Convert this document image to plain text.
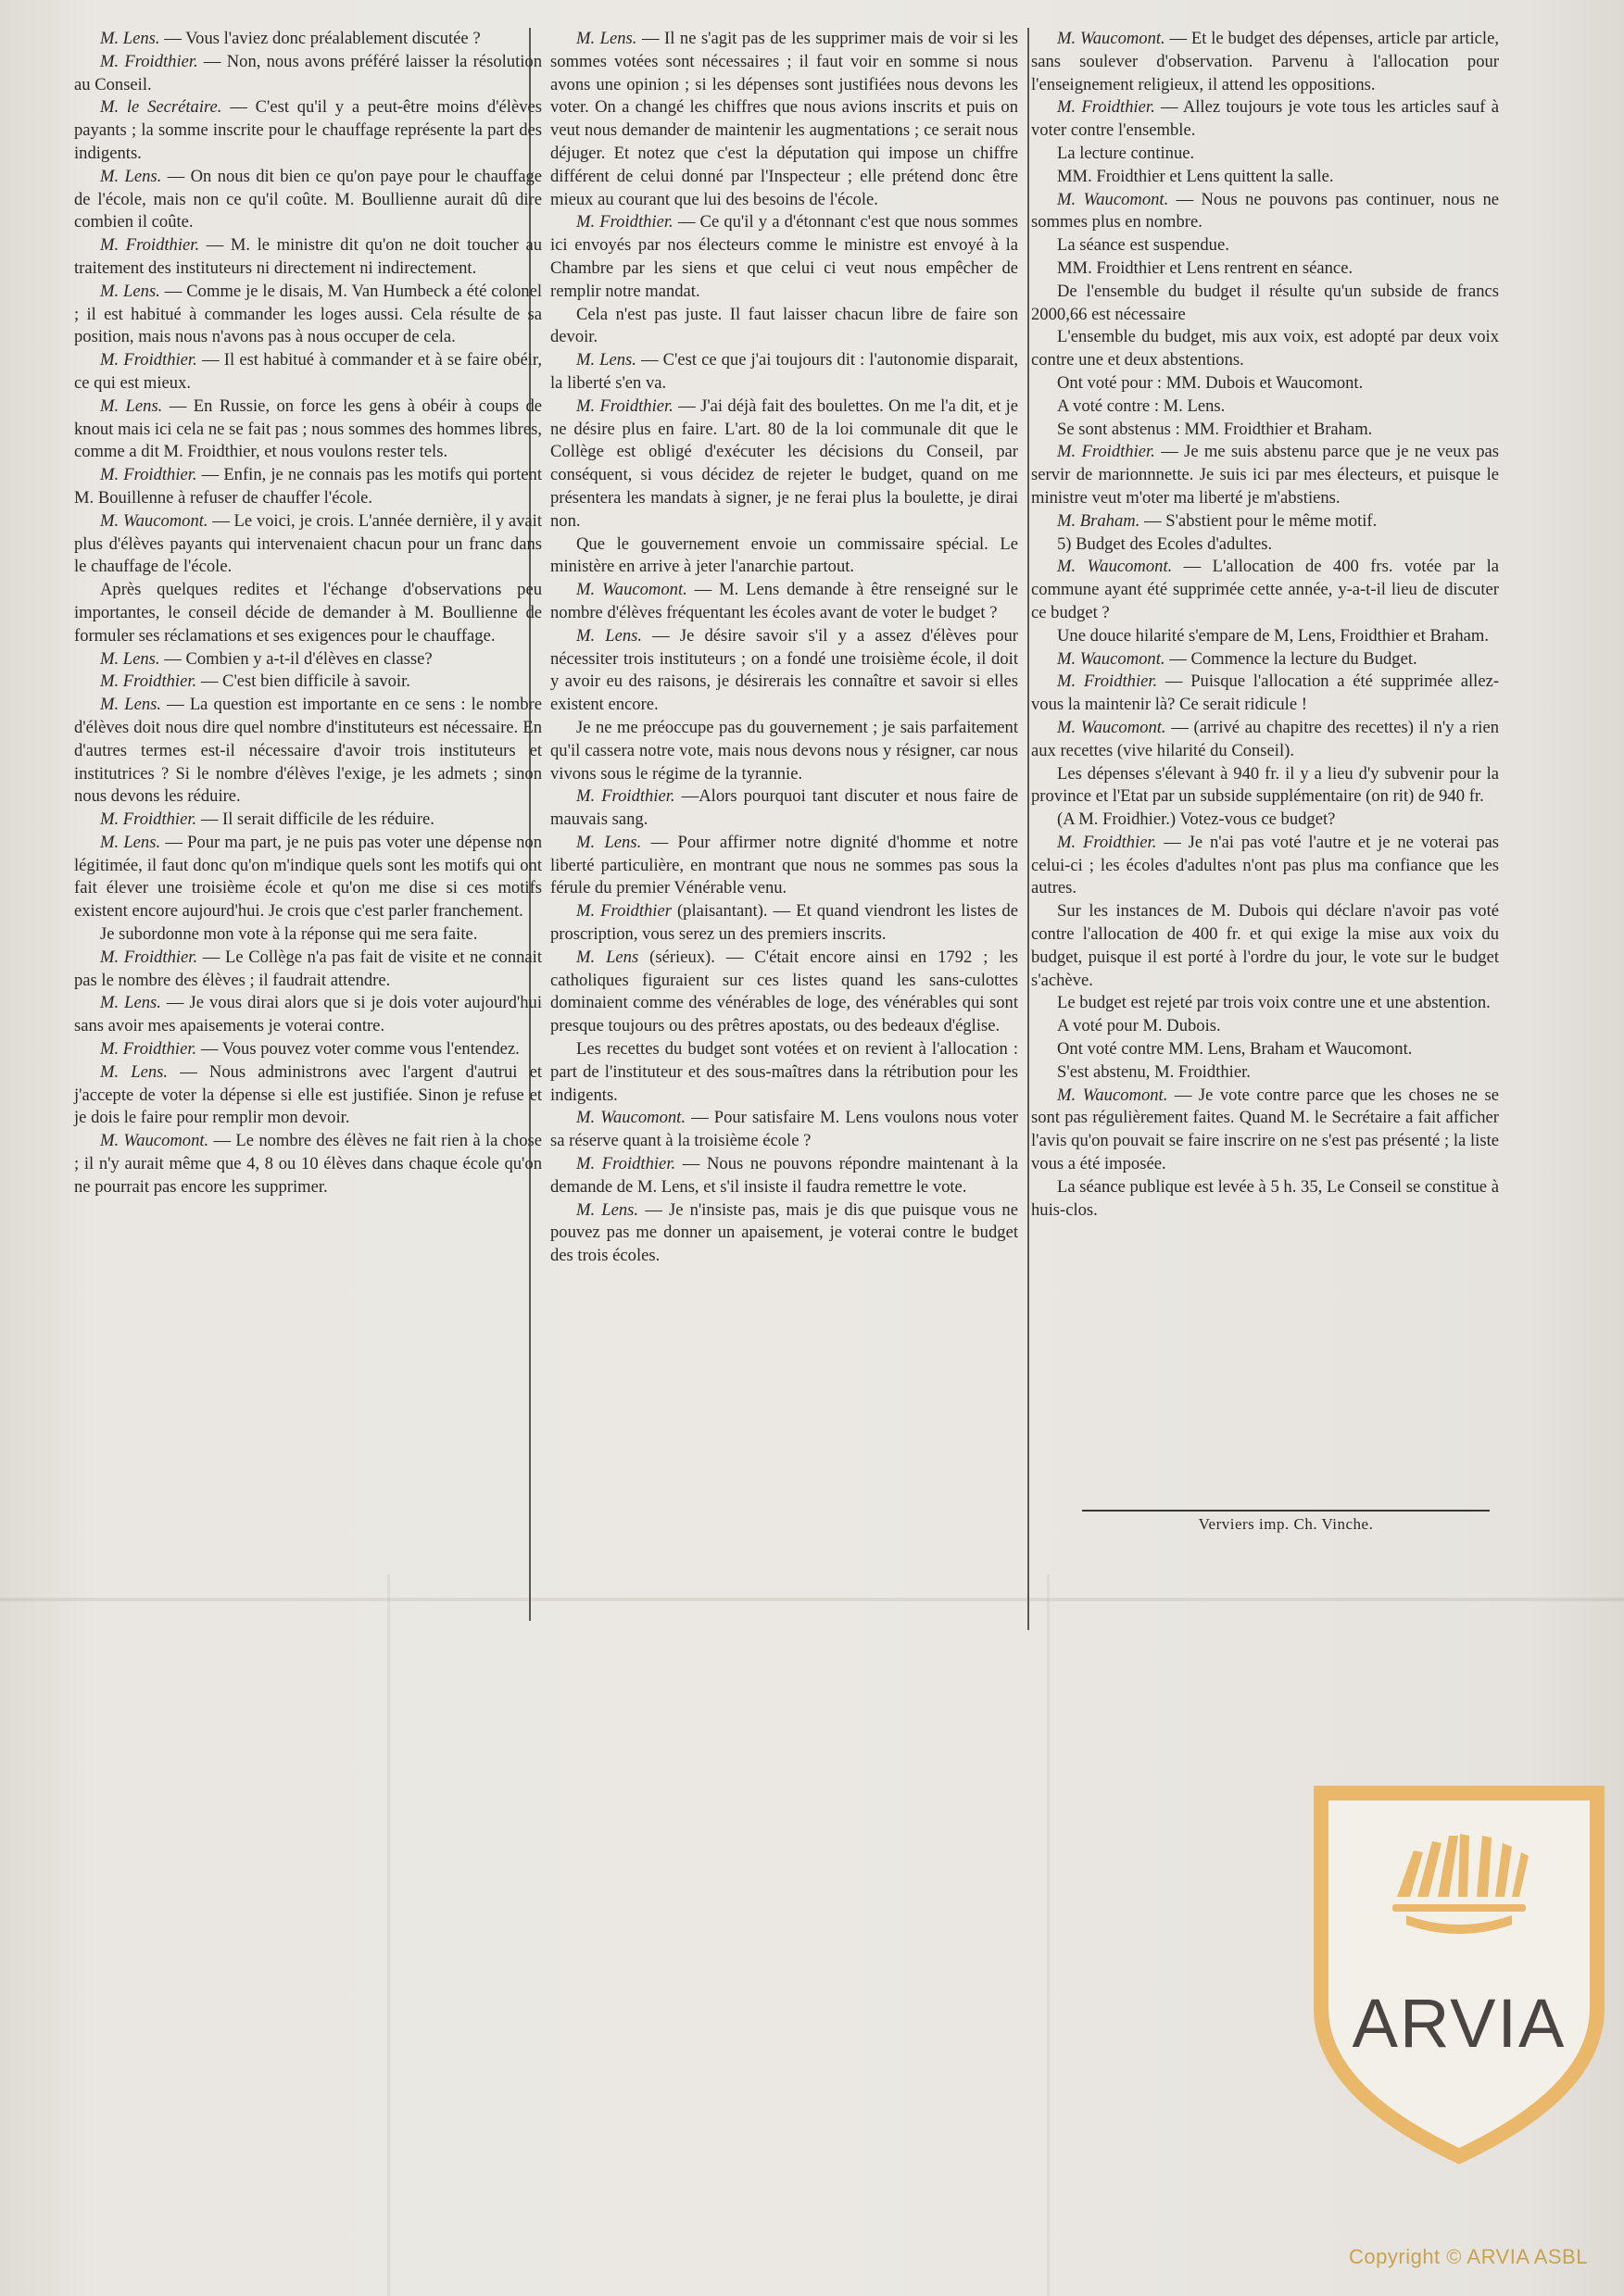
M. Lens. — Vous l'aviez donc préalablement discutée ?

M. Froidthier. — Non, nous avons préféré laisser la résolution au Conseil.

M. le Secrétaire. — C'est qu'il y a peut-être moins d'élèves payants ; la somme inscrite pour le chauffage représente la part des indigents.

M. Lens. — On nous dit bien ce qu'on paye pour le chauffage de l'école, mais non ce qu'il coûte. M. Boullienne aurait dû dire combien il coûte.

M. Froidthier. — M. le ministre dit qu'on ne doit toucher au traitement des instituteurs ni directement ni indirectement.

M. Lens. — Comme je le disais, M. Van Humbeck a été colonel ; il est habitué à commander les loges aussi. Cela résulte de sa position, mais nous n'avons pas à nous occuper de cela.

M. Froidthier. — Il est habitué à commander et à se faire obéir, ce qui est mieux.

M. Lens. — En Russie, on force les gens à obéir à coups de knout mais ici cela ne se fait pas ; nous sommes des hommes libres, comme a dit M. Froidthier, et nous voulons rester tels.

M. Froidthier. — Enfin, je ne connais pas les motifs qui portent M. Bouillenne à refuser de chauffer l'école.

M. Waucomont. — Le voici, je crois. L'année dernière, il y avait plus d'élèves payants qui intervenaient chacun pour un franc dans le chauffage de l'école.

Après quelques redites et l'échange d'observations peu importantes, le conseil décide de demander à M. Boullienne de formuler ses réclamations et ses exigences pour le chauffage.

M. Lens. — Combien y a-t-il d'élèves en classe?

M. Froidthier. — C'est bien difficile à savoir.

M. Lens. — La question est importante en ce sens : le nombre d'élèves doit nous dire quel nombre d'instituteurs est nécessaire. En d'autres termes est-il nécessaire d'avoir trois instituteurs et institutrices ? Si le nombre d'élèves l'exige, je les admets ; sinon nous devons les réduire.

M. Froidthier. — Il serait difficile de les réduire.

M. Lens. — Pour ma part, je ne puis pas voter une dépense non légitimée, il faut donc qu'on m'indique quels sont les motifs qui ont fait élever une troisième école et qu'on me dise si ces motifs existent encore aujourd'hui. Je crois que c'est parler franchement.

Je subordonne mon vote à la réponse qui me sera faite.

M. Froidthier. — Le Collège n'a pas fait de visite et ne connait pas le nombre des élèves ; il faudrait attendre.

M. Lens. — Je vous dirai alors que si je dois voter aujourd'hui sans avoir mes apaisements je voterai contre.

M. Froidthier. — Vous pouvez voter comme vous l'entendez.

M. Lens. — Nous administrons avec l'argent d'autrui et j'accepte de voter la dépense si elle est justifiée. Sinon je refuse et je dois le faire pour remplir mon devoir.

M. Waucomont. — Le nombre des élèves ne fait rien à la chose ; il n'y aurait même que 4, 8 ou 10 élèves dans chaque école qu'on ne pourrait pas encore les supprimer.

M. Lens. — Il ne s'agit pas de les supprimer mais de voir si les sommes votées sont nécessaires ; il faut voir en somme si nous avons une opinion ; si les dépenses sont justifiées nous devons les voter. On a changé les chiffres que nous avions inscrits et puis on veut nous demander de maintenir les augmentations ; ce serait nous déjuger. Et notez que c'est la députation qui impose un chiffre différent de celui donné par l'Inspecteur ; elle prétend donc être mieux au courant que lui des besoins de l'école.

M. Froidthier. — Ce qu'il y a d'étonnant c'est que nous sommes ici envoyés par nos électeurs comme le ministre est envoyé à la Chambre par les siens et que celui ci veut nous empêcher de remplir notre mandat.

Cela n'est pas juste. Il faut laisser chacun libre de faire son devoir.

M. Lens. — C'est ce que j'ai toujours dit : l'autonomie disparait, la liberté s'en va.

M. Froidthier. — J'ai déjà fait des boulettes. On me l'a dit, et je ne désire plus en faire. L'art. 80 de la loi communale dit que le Collège est obligé d'exécuter les décisions du Conseil, par conséquent, si vous décidez de rejeter le budget, quand on me présentera les mandats à signer, je ne ferai plus la boulette, je dirai non.

Que le gouvernement envoie un commissaire spécial. Le ministère en arrive à jeter l'anarchie partout.

M. Waucomont. — M. Lens demande à être renseigné sur le nombre d'élèves fréquentant les écoles avant de voter le budget ?

M. Lens. — Je désire savoir s'il y a assez d'élèves pour nécessiter trois instituteurs ; on a fondé une troisième école, il doit y avoir eu des raisons, je désirerais les connaître et savoir si elles existent encore.

Je ne me préoccupe pas du gouvernement ; je sais parfaitement qu'il cassera notre vote, mais nous devons nous y résigner, car nous vivons sous le régime de la tyrannie.

M. Froidthier. —Alors pourquoi tant discuter et nous faire de mauvais sang.

M. Lens. — Pour affirmer notre dignité d'homme et notre liberté particulière, en montrant que nous ne sommes pas sous la férule du premier Vénérable venu.

M. Froidthier (plaisantant). — Et quand viendront les listes de proscription, vous serez un des premiers inscrits.

M. Lens (sérieux). — C'était encore ainsi en 1792 ; les catholiques figuraient sur ces listes quand les sans-culottes dominaient comme des vénérables de loge, des vénérables qui sont presque toujours ou des prêtres apostats, ou des bedeaux d'église.

Les recettes du budget sont votées et on revient à l'allocation : part de l'instituteur et des sous-maîtres dans la rétribution pour les indigents.

M. Waucomont. — Pour satisfaire M. Lens voulons nous voter sa réserve quant à la troisième école ?

M. Froidthier. — Nous ne pouvons répondre maintenant à la demande de M. Lens, et s'il insiste il faudra remettre le vote.

M. Lens. — Je n'insiste pas, mais je dis que puisque vous ne pouvez pas me donner un apaisement, je voterai contre le budget des trois écoles.

M. Waucomont. — Et le budget des dépenses, article par article, sans soulever d'observation. Parvenu à l'allocation pour l'enseignement religieux, il attend les oppositions.

M. Froidthier. — Allez toujours je vote tous les articles sauf à voter contre l'ensemble.

La lecture continue.

MM. Froidthier et Lens quittent la salle.

M. Waucomont. — Nous ne pouvons pas continuer, nous ne sommes plus en nombre.

La séance est suspendue.

MM. Froidthier et Lens rentrent en séance.

De l'ensemble du budget il résulte qu'un subside de francs 2000,66 est nécessaire

L'ensemble du budget, mis aux voix, est adopté par deux voix contre une et deux abstentions.

Ont voté pour : MM. Dubois et Waucomont.

A voté contre : M. Lens.

Se sont abstenus : MM. Froidthier et Braham.

M. Froidthier. — Je me suis abstenu parce que je ne veux pas servir de marionnnette. Je suis ici par mes électeurs, et puisque le ministre veut m'oter ma liberté je m'abstiens.

M. Braham. — S'abstient pour le même motif.

5) Budget des Ecoles d'adultes.

M. Waucomont. — L'allocation de 400 frs. votée par la commune ayant été supprimée cette année, y-a-t-il lieu de discuter ce budget ?

Une douce hilarité s'empare de M, Lens, Froidthier et Braham.

M. Waucomont. — Commence la lecture du Budget.

M. Froidthier. — Puisque l'allocation a été supprimée allez-vous la maintenir là? Ce serait ridicule !

M. Waucomont. — (arrivé au chapitre des recettes) il n'y a rien aux recettes (vive hilarité du Conseil).

Les dépenses s'élevant à 940 fr. il y a lieu d'y subvenir pour la province et l'Etat par un subside supplémentaire (on rit) de 940 fr.

(A M. Froidhier.) Votez-vous ce budget?

M. Froidthier. — Je n'ai pas voté l'autre et je ne voterai pas celui-ci ; les écoles d'adultes n'ont pas plus ma confiance que les autres.

Sur les instances de M. Dubois qui déclare n'avoir pas voté contre l'allocation de 400 fr. et qui exige la mise aux voix du budget, puisque il est porté à l'ordre du jour, le vote sur le budget s'achève.

Le budget est rejeté par trois voix contre une et une abstention.

A voté pour M. Dubois.

Ont voté contre MM. Lens, Braham et Waucomont.

S'est abstenu, M. Froidthier.

M. Waucomont. — Je vote contre parce que les choses ne se sont pas régulièrement faites. Quand M. le Secrétaire a fait afficher l'avis qu'on pouvait se faire inscrire on ne s'est pas présenté ; la liste vous a été imposée.

La séance publique est levée à 5 h. 35, Le Conseil se constitue à huis-clos.

Verviers imp. Ch. Vinche.
ARVIA
Copyright © ARVIA ASBL
